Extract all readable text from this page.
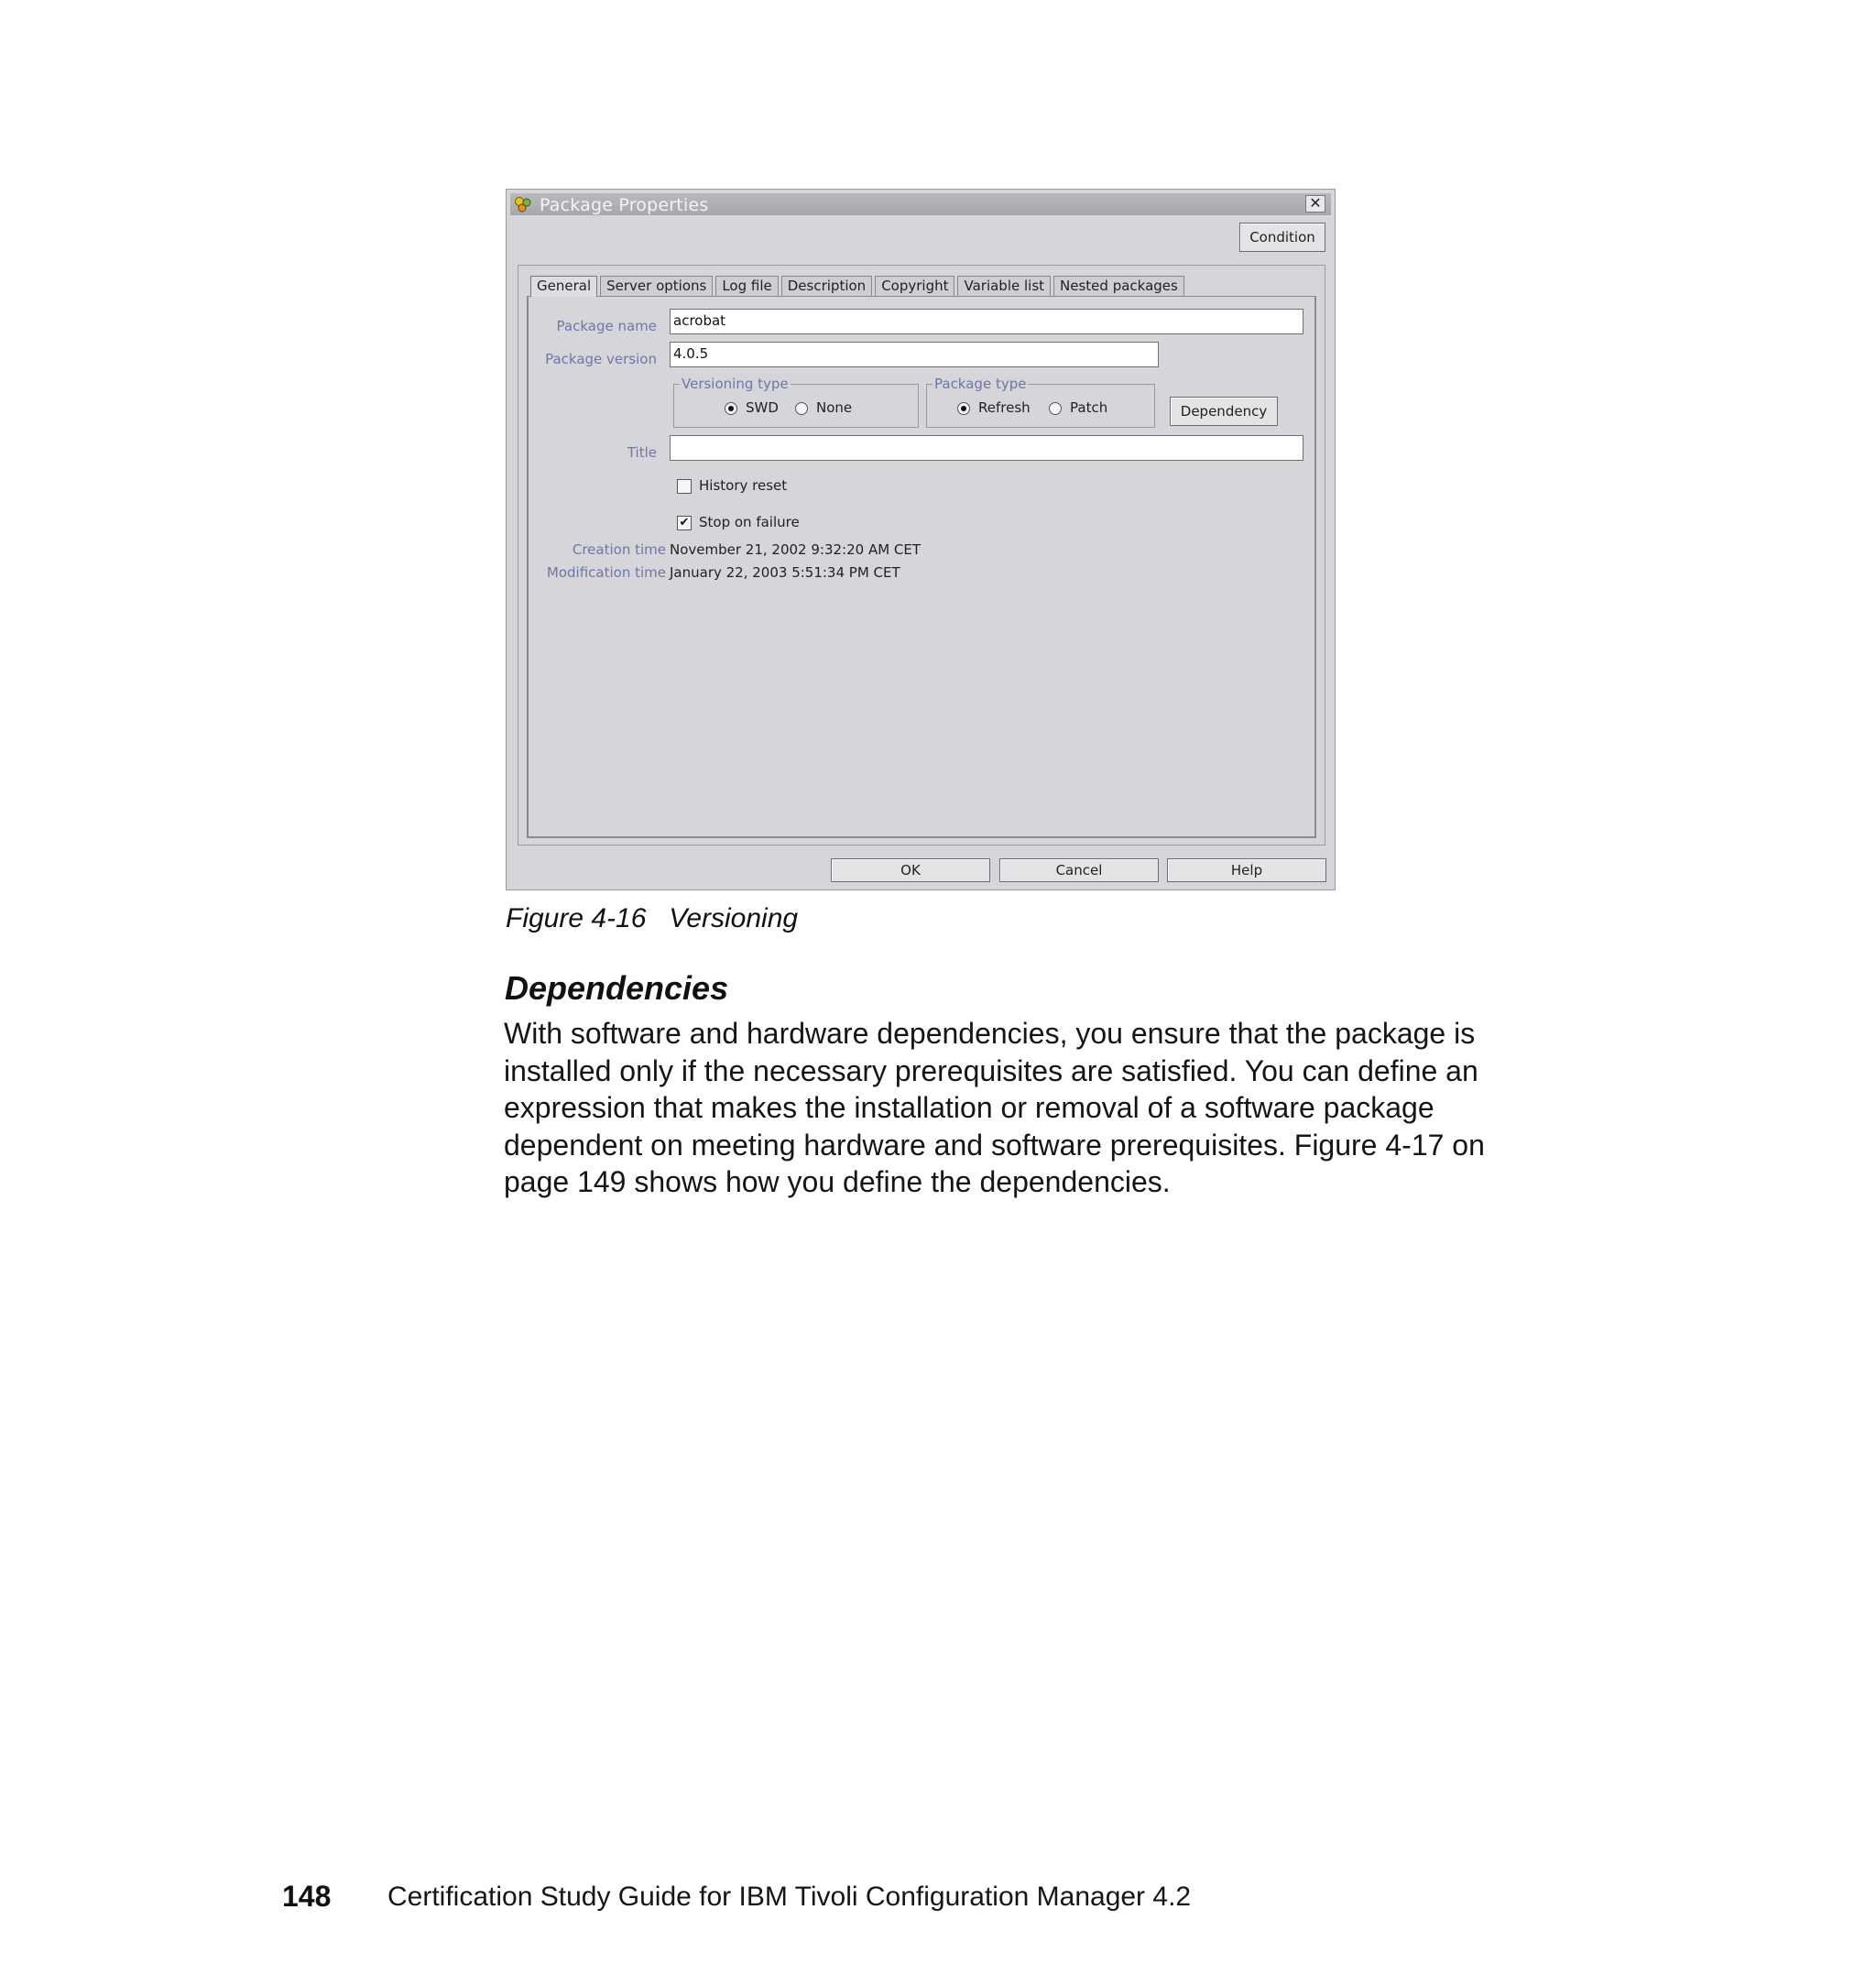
Package Properties	✕
Condition
General	Server options	Log file	Description	Copyright	Variable list	Nested packages
Package name acrobat
Package version 4.0.5
Versioning type
SWD	None
Package type
Refresh	Patch	Dependency
Title
History reset
✔ Stop on failure
Creation time November 21, 2002 9:32:20 AM CET
Modification time January 22, 2003 5:51:34 PM CET
OK	Cancel	Help
Figure 4-16   Versioning
Dependencies
With software and hardware dependencies, you ensure that the package is installed only if the necessary prerequisites are satisfied. You can define an expression that makes the installation or removal of a software package dependent on meeting hardware and software prerequisites. Figure 4-17 on page 149 shows how you define the dependencies.
148 Certification Study Guide for IBM Tivoli Configuration Manager 4.2
